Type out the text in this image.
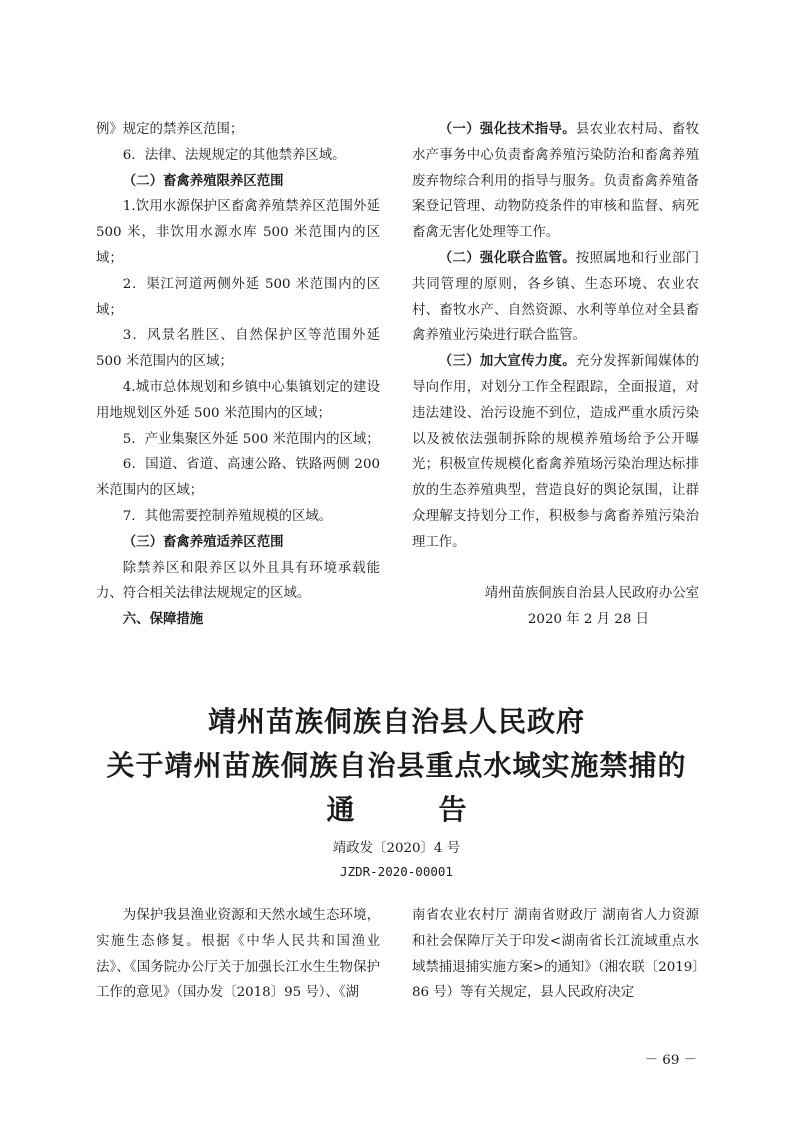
例》规定的禁养区范围；

6．法律、法规规定的其他禁养区域。

（二）畜禽养殖限养区范围

1.饮用水源保护区畜禽养殖禁养区范围外延 500 米，非饮用水源水库 500 米范围内的区域；

2．渠江河道两侧外延 500 米范围内的区域；

3．风景名胜区、自然保护区等范围外延500 米范围内的区域；

4.城市总体规划和乡镇中心集镇划定的建设用地规划区外延 500 米范围内的区域；

5．产业集聚区外延 500 米范围内的区域；

6．国道、省道、高速公路、铁路两侧 200米范围内的区域；

7．其他需要控制养殖规模的区域。

（三）畜禽养殖适养区范围

除禁养区和限养区以外且具有环境承载能力、符合相关法律法规规定的区域。

六、保障措施

（一）强化技术指导。县农业农村局、畜牧水产事务中心负责畜禽养殖污染防治和畜禽养殖废弃物综合利用的指导与服务。负责畜禽养殖备案登记管理、动物防疫条件的审核和监督、病死畜禽无害化处理等工作。

（二）强化联合监管。按照属地和行业部门共同管理的原则，各乡镇、生态环境、农业农村、畜牧水产、自然资源、水利等单位对全县畜禽养殖业污染进行联合监管。

（三）加大宣传力度。充分发挥新闻媒体的导向作用，对划分工作全程跟踪，全面报道，对违法建设、治污设施不到位，造成严重水质污染以及被依法强制拆除的规模养殖场给予公开曝光；积极宣传规模化畜禽养殖场污染治理达标排放的生态养殖典型，营造良好的舆论氛围，让群众理解支持划分工作，积极参与禽畜养殖污染治理工作。

靖州苗族侗族自治县人民政府办公室

2020 年 2 月 28 日

靖州苗族侗族自治县人民政府

关于靖州苗族侗族自治县重点水域实施禁捕的

通	告

靖政发〔2020〕4 号

JZDR-2020-00001

为保护我县渔业资源和天然水域生态环境，实施生态修复。根据《中华人民共和国渔业法》、《国务院办公厅关于加强长江水生生物保护工作的意见》（国办发〔2018〕95 号）、《湖

南省农业农村厅 湖南省财政厅 湖南省人力资源和社会保障厅关于印发<湖南省长江流域重点水域禁捕退捕实施方案>的通知》（湘农联〔2019〕86 号）等有关规定，县人民政府决定

－ 69 －
